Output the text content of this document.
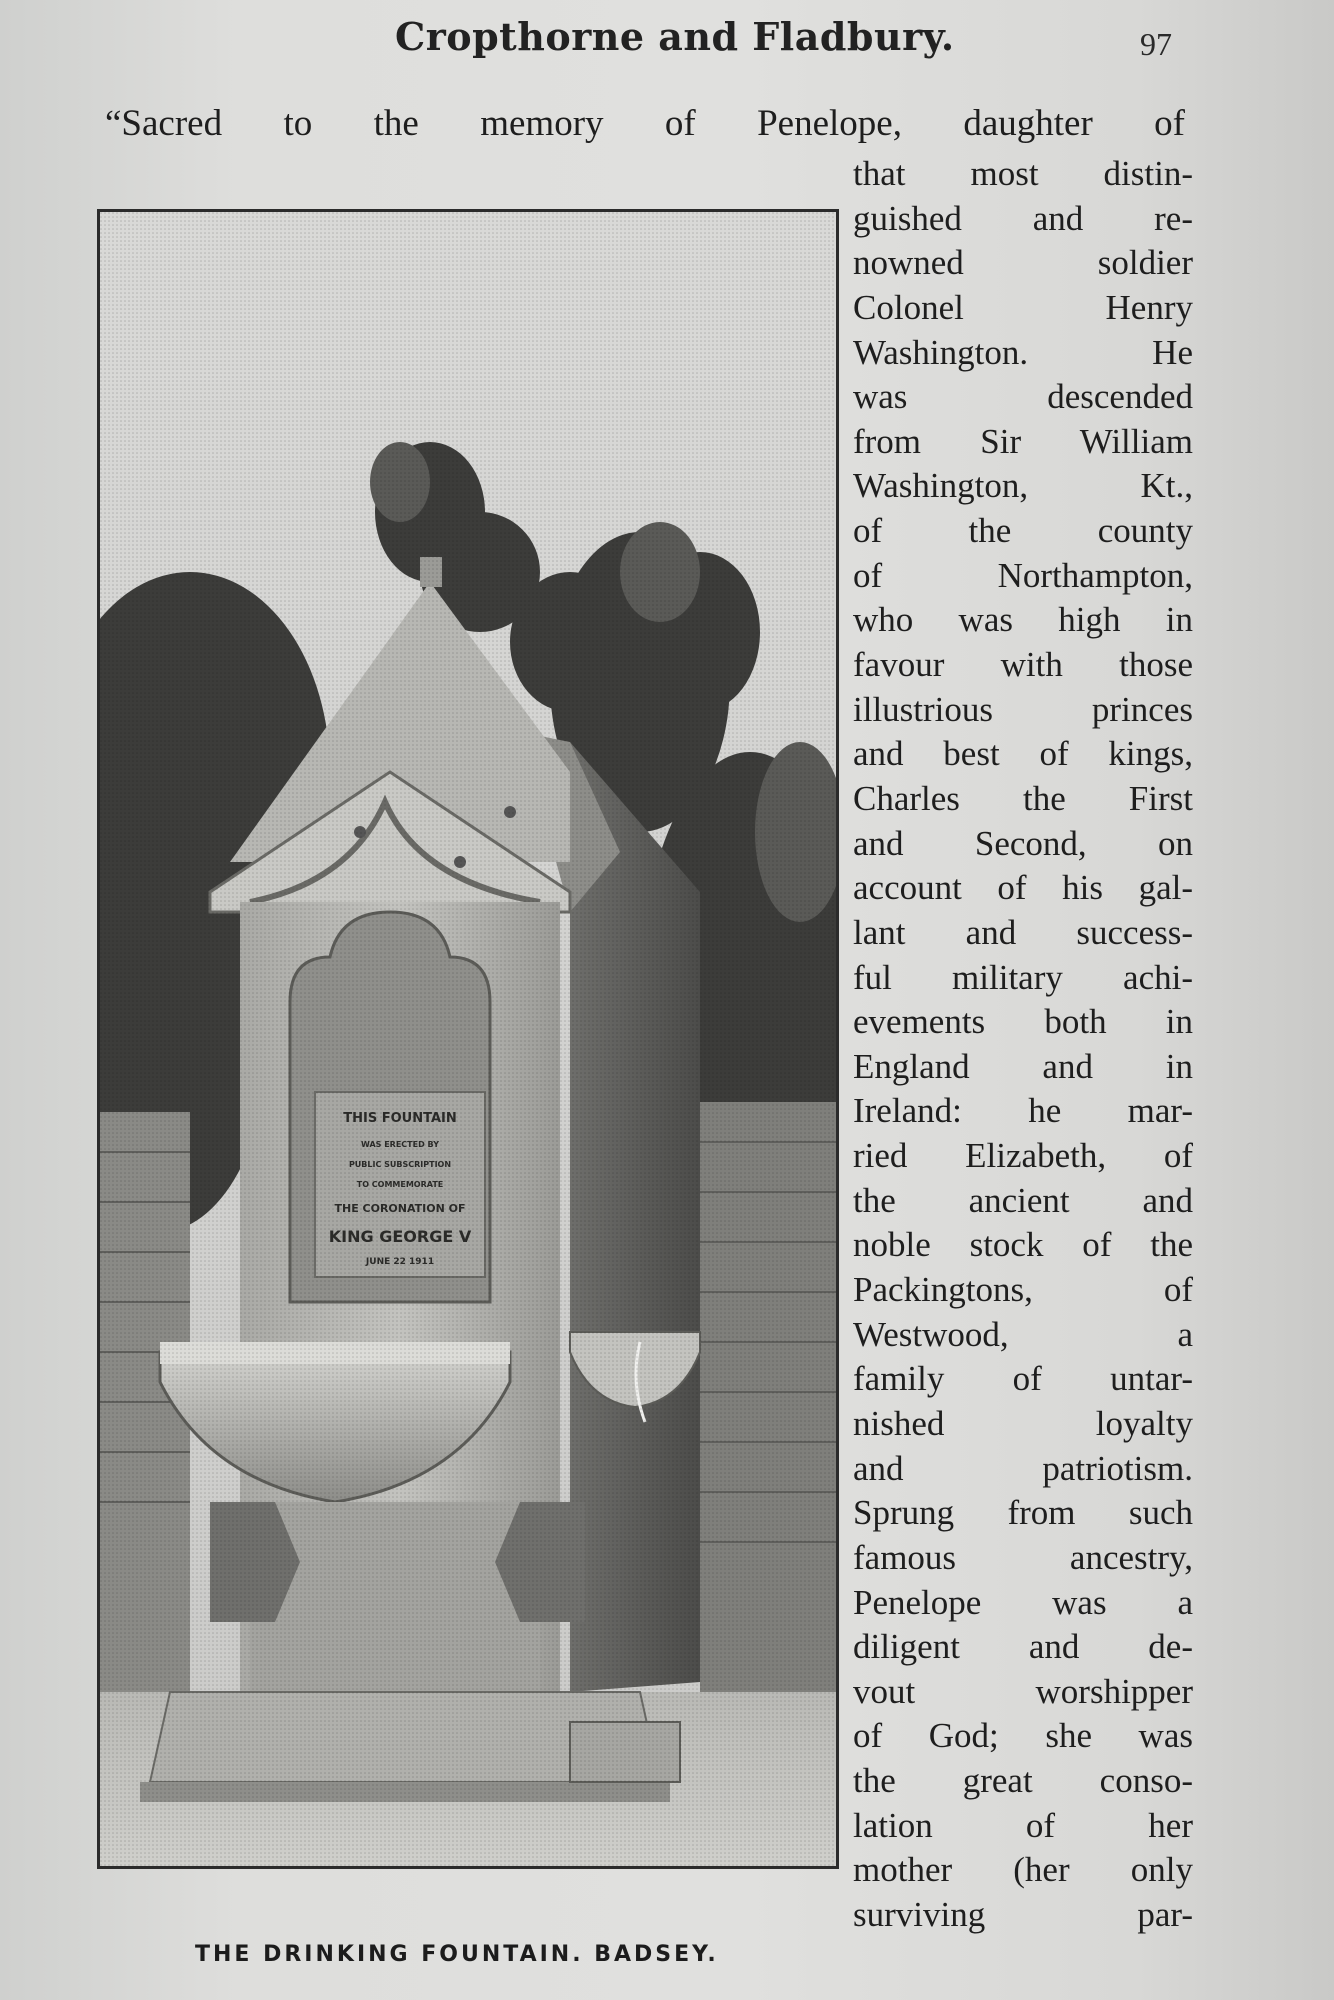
Cropthorne and Fladbury.	97
“Sacred to the memory of Penelope, daughter of
that most distin-
guished and re-
nowned soldier
Colonel Henry
Washington. He
was descended
from Sir William
Washington, Kt.,
of the county
of Northampton,
who was high in
favour with those
illustrious princes
and best of kings,
Charles the First
and Second, on
account of his gal-
lant and success-
ful military achi-
evements both in
England and in
Ireland: he mar-
ried Elizabeth, of
the ancient and
noble stock of the
Packingtons, of
Westwood, a
family of untar-
nished loyalty
and patriotism.
Sprung from such
famous ancestry,
Penelope was a
diligent and de-
vout worshipper
of God; she was
the great conso-
lation of her
mother (her only
surviving par-
THIS FOUNTAIN
WAS ERECTED BY
PUBLIC SUBSCRIPTION
TO COMMEMORATE
THE CORONATION OF
KING GEORGE V
JUNE 22 1911
THE DRINKING FOUNTAIN. BADSEY.
